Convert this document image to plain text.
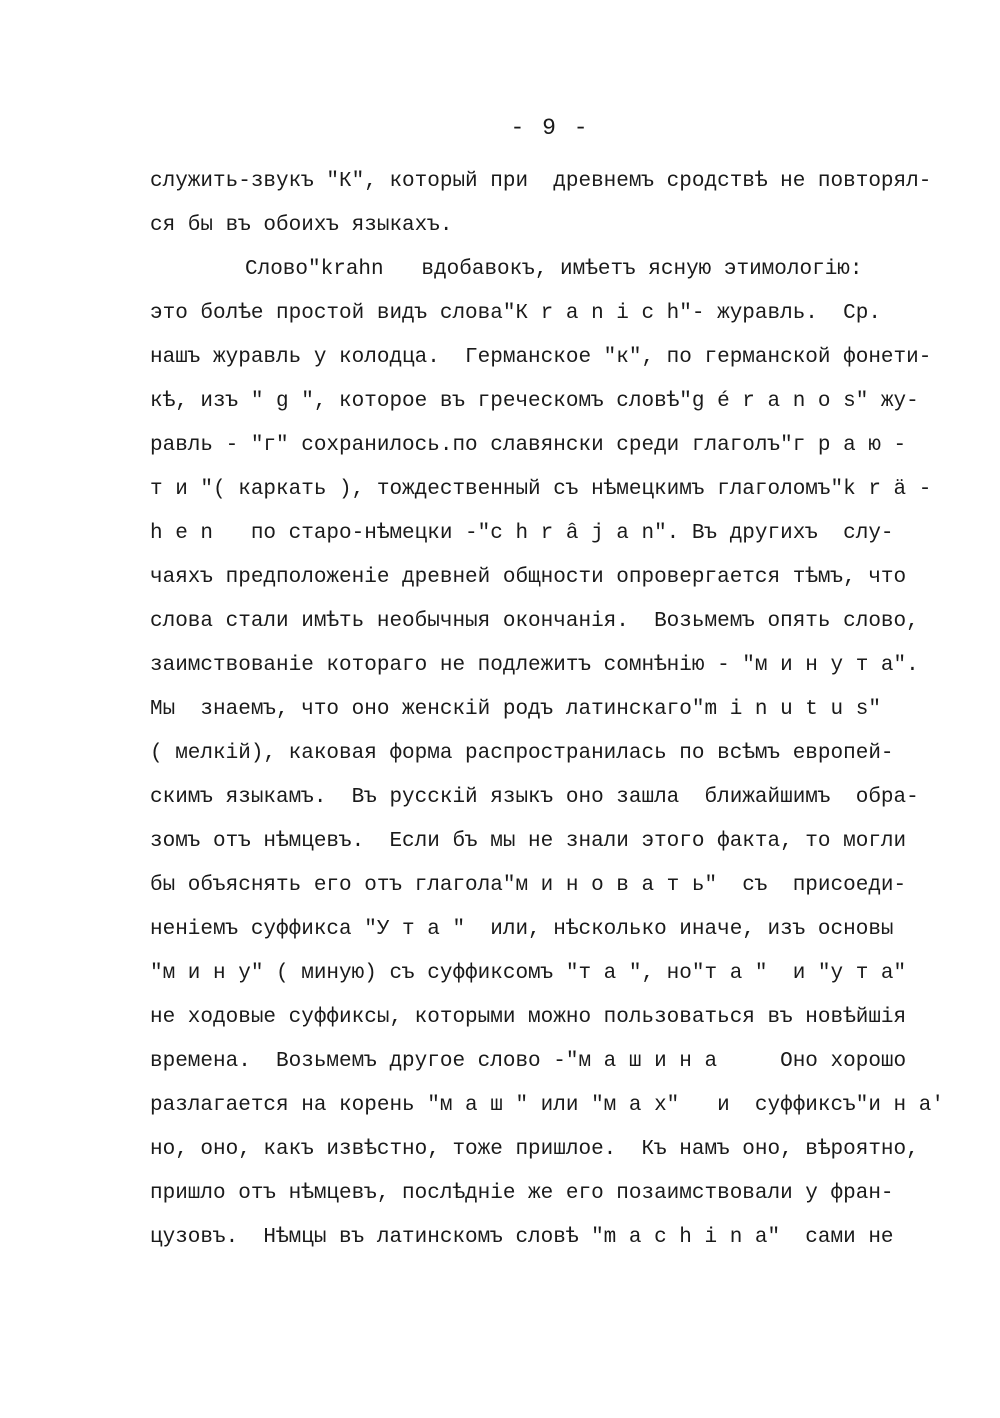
- 9 -
служить-звукъ "К", который при  древнемъ сродствѣ не повторял-
ся бы въ обоихъ языкахъ.
Слово"krahn   вдобавокъ, имѣетъ ясную этимологію:
это болѣе простой видъ слова"К r a n i c h"- журавль.  Ср.
нашъ журавль у колодца.  Германское "к", по германской фонети-
кѣ, изъ " g ", которое въ греческомъ словѣ"g é r a n o s" жу-
равль - "г" сохранилось.по славянски среди глаголъ"г р а ю -
т и "( каркать ), тождественный съ нѣмецкимъ глаголомъ"k r ä -
h e n   по старо-нѣмецки -"c h r â j a n". Въ другихъ  слу-
чаяхъ предположеніе древней общности опровергается тѣмъ, что
слова стали имѣть необычныя окончанія.  Возьмемъ опять слово,
заимствованіе котораго не подлежитъ сомнѣнію - "м и н у т а".
Мы  знаемъ, что оно женскій родъ латинскаго"m i n u t u s"
( мелкій), каковая форма распространилась по всѣмъ европей-
скимъ языкамъ.  Въ русскій языкъ оно зашла  ближайшимъ  обра-
зомъ отъ нѣмцевъ.  Если бъ мы не знали этого факта, то могли
бы объяснять его отъ глагола"м и н о в а т ь"  съ  присоеди-
неніемъ суффикса "У т а "  или, нѣсколько иначе, изъ основы
"м и н у" ( миную) съ суффиксомъ "т а ", но"т а "  и "у т а"
не ходовые суффиксы, которыми можно пользоваться въ новѣйшія
времена.  Возьмемъ другое слово -"м а ш и н а     Оно хорошо
разлагается на корень "м а ш " или "м а х"   и  суффиксъ"и н а'
но, оно, какъ извѣстно, тоже пришлое.  Къ намъ оно, вѣроятно,
пришло отъ нѣмцевъ, послѣдніе же его позаимствовали у фран-
цузовъ.  Нѣмцы въ латинскомъ словѣ "m a c h i n a"  сами не
